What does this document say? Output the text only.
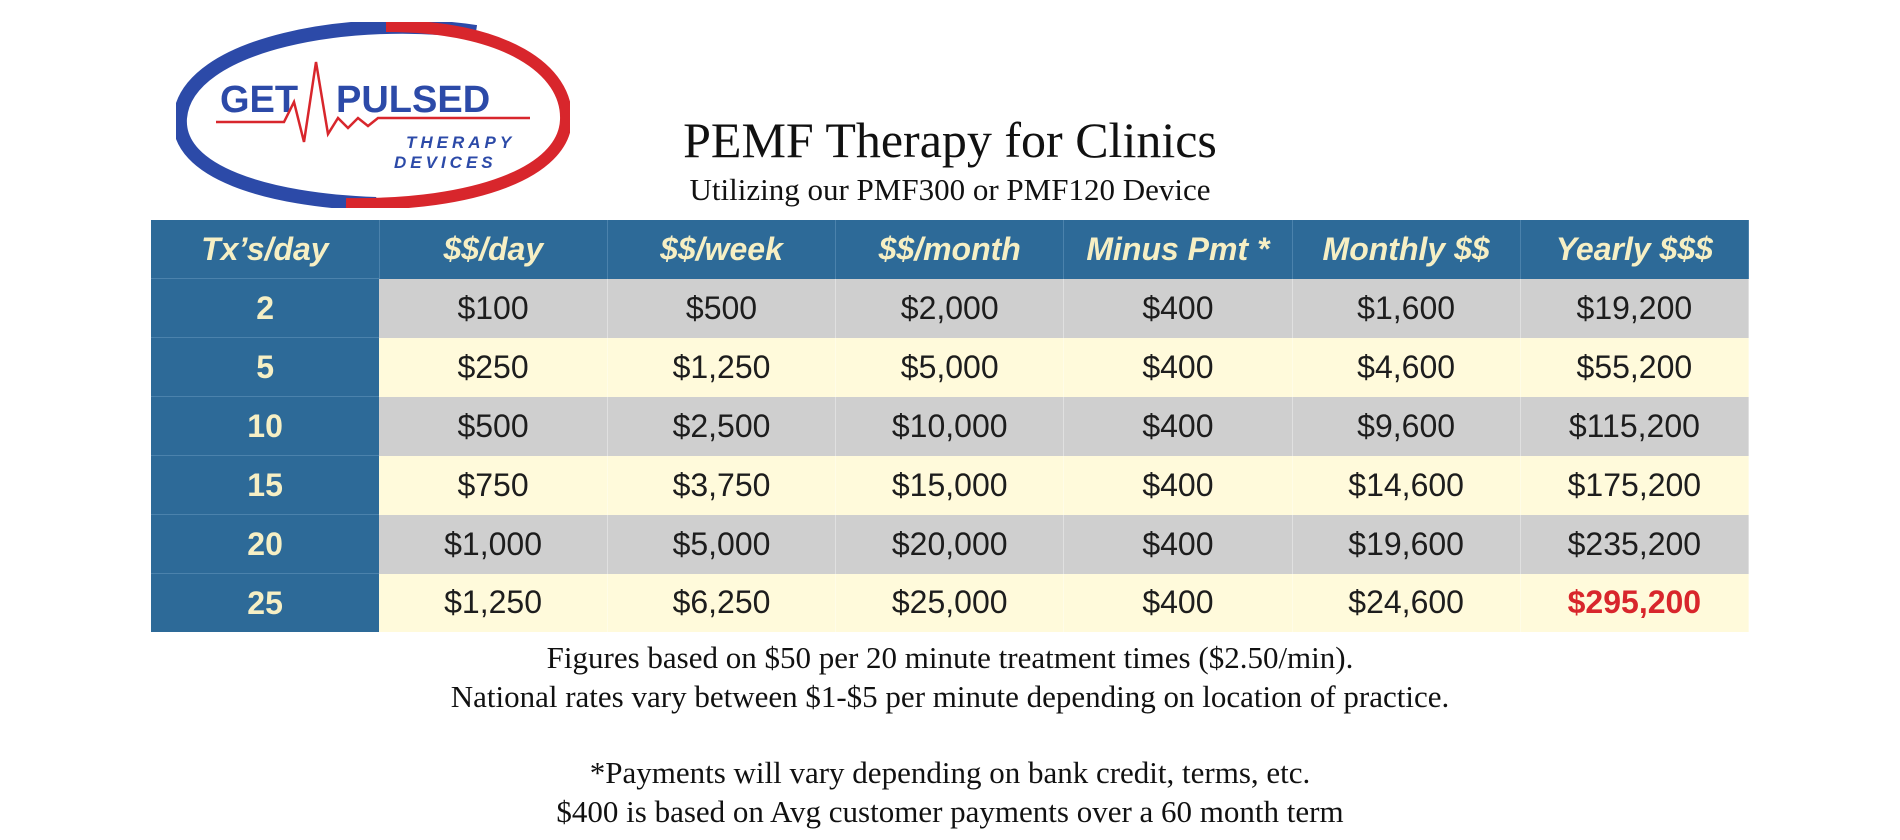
GET PULSED
THERAPY
DEVICES	PEMF Therapy for Clinics
Utilizing our PMF300 or PMF120 Device
Tx’s/day	$$/day	$$/week	$$/month	Minus Pmt *	Monthly $$	Yearly $$$
2	$100	$500	$2,000	$400	$1,600	$19,200
5	$250	$1,250	$5,000	$400	$4,600	$55,200
10	$500	$2,500	$10,000	$400	$9,600	$115,200
15	$750	$3,750	$15,000	$400	$14,600	$175,200
20	$1,000	$5,000	$20,000	$400	$19,600	$235,200
25	$1,250	$6,250	$25,000	$400	$24,600	$295,200
Figures based on $50 per 20 minute treatment times ($2.50/min).
National rates vary between $1-$5 per minute depending on location of practice.
*Payments will vary depending on bank credit, terms, etc.
$400 is based on Avg customer payments over a 60 month term
